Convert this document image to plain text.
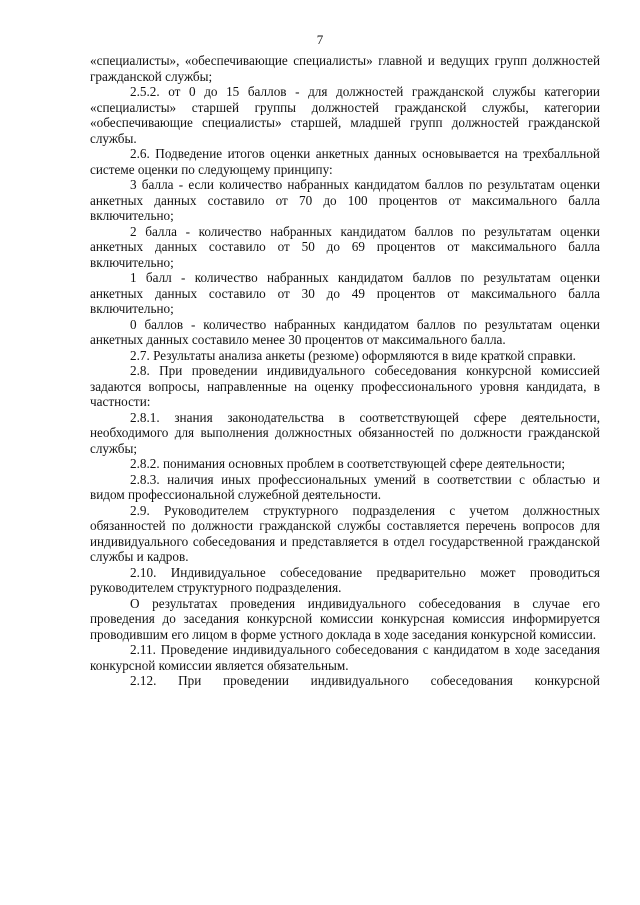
7

«специалисты», «обеспечивающие специалисты» главной и ведущих групп должностей гражданской службы;

2.5.2. от 0 до 15 баллов - для должностей гражданской службы категории «специалисты» старшей группы должностей гражданской службы, категории «обеспечивающие специалисты» старшей, младшей групп должностей гражданской службы.

2.6. Подведение итогов оценки анкетных данных основывается на трехбалльной системе оценки по следующему принципу:

3 балла - если количество набранных кандидатом баллов по результатам оценки анкетных данных составило от 70 до 100 процентов от максимального балла включительно;

2 балла - количество набранных кандидатом баллов по результатам оценки анкетных данных составило от 50 до 69 процентов от максимального балла включительно;

1 балл - количество набранных кандидатом баллов по результатам оценки анкетных данных составило от 30 до 49 процентов от максимального балла включительно;

0 баллов - количество набранных кандидатом баллов по результатам оценки анкетных данных составило менее 30 процентов от максимального балла.

2.7. Результаты анализа анкеты (резюме) оформляются в виде краткой справки.

2.8. При проведении индивидуального собеседования конкурсной комиссией задаются вопросы, направленные на оценку профессионального уровня кандидата, в частности:

2.8.1. знания законодательства в соответствующей сфере деятельности, необходимого для выполнения должностных обязанностей по должности гражданской службы;

2.8.2. понимания основных проблем в соответствующей сфере деятельности;

2.8.3. наличия иных профессиональных умений в соответствии с областью и видом профессиональной служебной деятельности.

2.9. Руководителем структурного подразделения с учетом должностных обязанностей по должности гражданской службы составляется перечень вопросов для индивидуального собеседования и представляется в отдел государственной гражданской службы и кадров.

2.10. Индивидуальное собеседование предварительно может проводиться руководителем структурного подразделения.

О результатах проведения индивидуального собеседования в случае его проведения до заседания конкурсной комиссии конкурсная комиссия информируется проводившим его лицом в форме устного доклада в ходе заседания конкурсной комиссии.

2.11. Проведение индивидуального собеседования с кандидатом в ходе заседания конкурсной комиссии является обязательным.

2.12. При проведении индивидуального собеседования конкурсной
